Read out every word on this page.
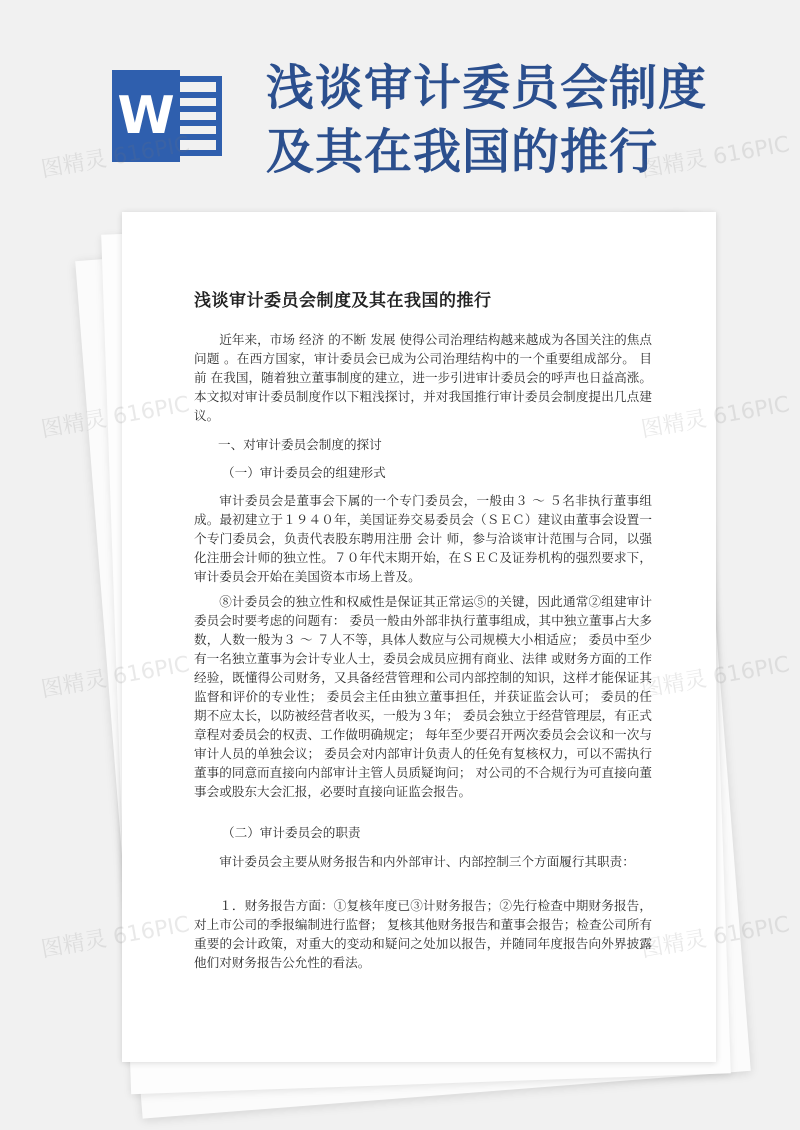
W 浅谈审计委员会制度及其在我国的推行
浅谈审计委员会制度及其在我国的推行

近年来，市场 经济 的不断 发展 使得公司治理结构越来越成为各国关注的焦点 问题 。在西方国家，审计委员会已成为公司治理结构中的一个重要组成部分。 目前 在我国，随着独立董事制度的建立，进一步引进审计委员会的呼声也日益高涨。本文拟对审计委员制度作以下粗浅探讨，并对我国推行审计委员会制度提出几点建议。

一、对审计委员会制度的探讨

（一）审计委员会的组建形式

审计委员会是董事会下属的一个专门委员会，一般由３ ～ ５名非执行董事组成。最初建立于１９４０年，美国证券交易委员会（ＳＥＣ）建议由董事会设置一个专门委员会，负责代表股东聘用注册 会计 师，参与洽谈审计范围与合同，以强化注册会计师的独立性。７０年代末期开始，在ＳＥＣ及证券机构的强烈要求下，审计委员会开始在美国资本市场上普及。

⑧计委员会的独立性和权威性是保证其正常运⑤的关键，因此通常②组建审计委员会时要考虑的问题有： 委员一般由外部非执行董事组成，其中独立董事占大多数，人数一般为３ ～ ７人不等，具体人数应与公司规模大小相适应； 委员中至少有一名独立董事为会计专业人士，委员会成员应拥有商业、法律 或财务方面的工作经验，既懂得公司财务，又具备经营管理和公司内部控制的知识，这样才能保证其监督和评价的专业性； 委员会主任由独立董事担任，并获证监会认可； 委员的任期不应太长，以防被经营者收买，一般为３年； 委员会独立于经营管理层，有正式章程对委员会的权责、工作做明确规定； 每年至少要召开两次委员会会议和一次与审计人员的单独会议； 委员会对内部审计负责人的任免有复核权力，可以不需执行董事的同意而直接向内部审计主管人员质疑询问； 对公司的不合规行为可直接向董事会或股东大会汇报，必要时直接向证监会报告。

（二）审计委员会的职责

审计委员会主要从财务报告和内外部审计、内部控制三个方面履行其职责：

１．财务报告方面：①复核年度已③计财务报告；②先行检查中期财务报告，对上市公司的季报编制进行监督； 复核其他财务报告和董事会报告；检查公司所有重要的会计政策，对重大的变动和疑问之处加以报告，并随同年度报告向外界披露他们对财务报告公允性的看法。

图精灵	图精灵 616PIC
图精灵	616PIC
图精灵	616PIC
图精灵 616PIC	616PIC
